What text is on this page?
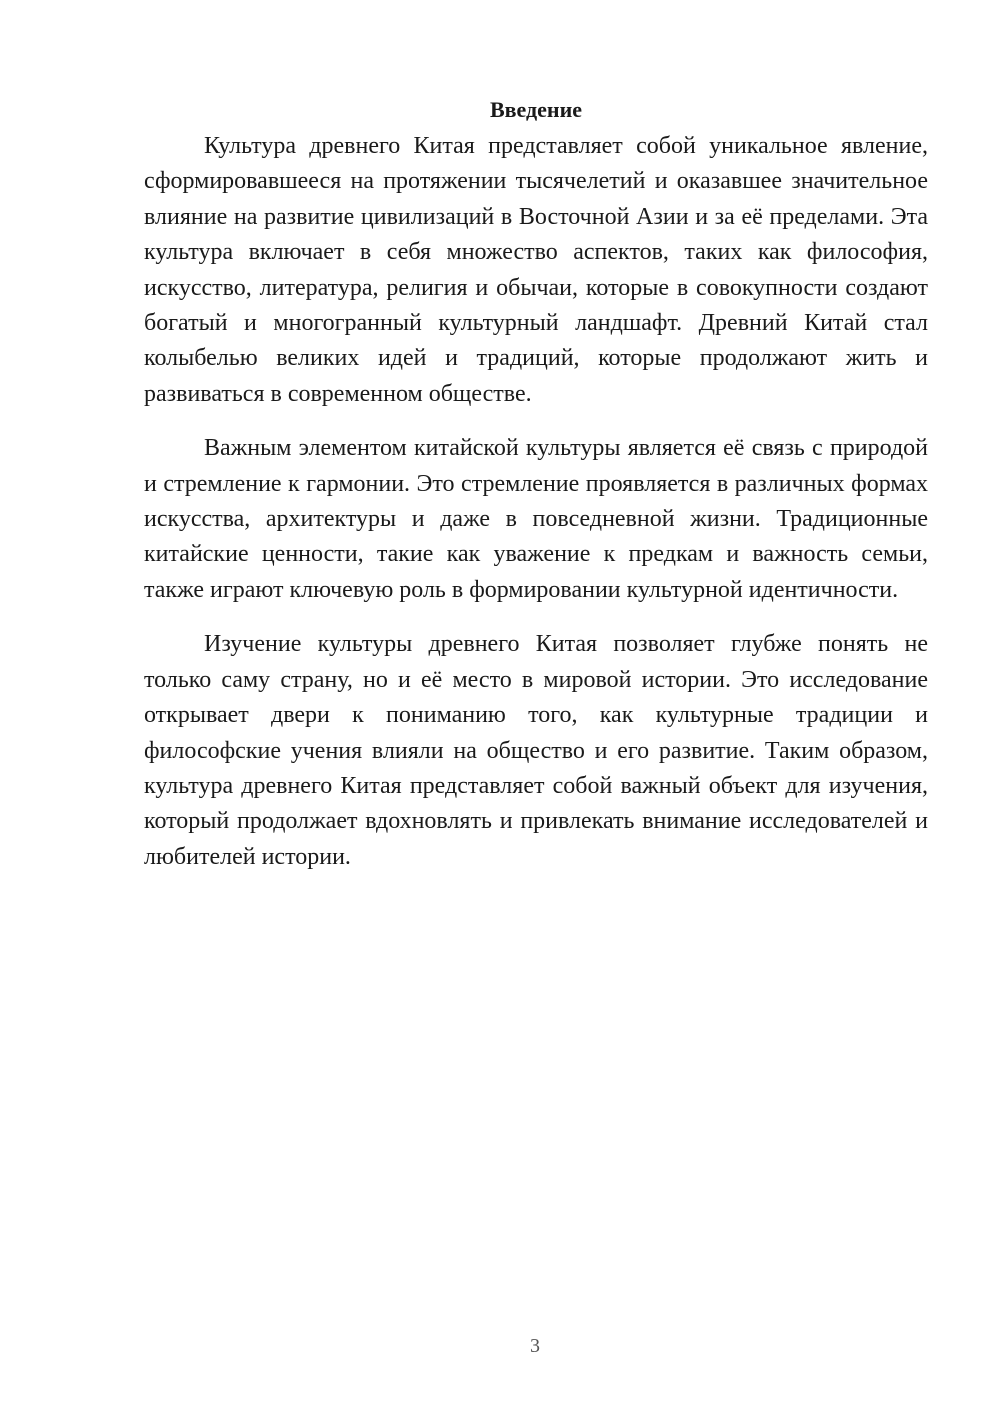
Введение

Культура древнего Китая представляет собой уникальное явление, сформировавшееся на протяжении тысячелетий и оказавшее значительное влияние на развитие цивилизаций в Восточной Азии и за её пределами. Эта культура включает в себя множество аспектов, таких как философия, искусство, литература, религия и обычаи, которые в совокупности создают богатый и многогранный культурный ландшафт. Древний Китай стал колыбелью великих идей и традиций, которые продолжают жить и развиваться в современном обществе.

Важным элементом китайской культуры является её связь с природой и стремление к гармонии. Это стремление проявляется в различных формах искусства, архитектуры и даже в повседневной жизни. Традиционные китайские ценности, такие как уважение к предкам и важность семьи, также играют ключевую роль в формировании культурной идентичности.

Изучение культуры древнего Китая позволяет глубже понять не только саму страну, но и её место в мировой истории. Это исследование открывает двери к пониманию того, как культурные традиции и философские учения влияли на общество и его развитие. Таким образом, культура древнего Китая представляет собой важный объект для изучения, который продолжает вдохновлять и привлекать внимание исследователей и любителей истории.

3
